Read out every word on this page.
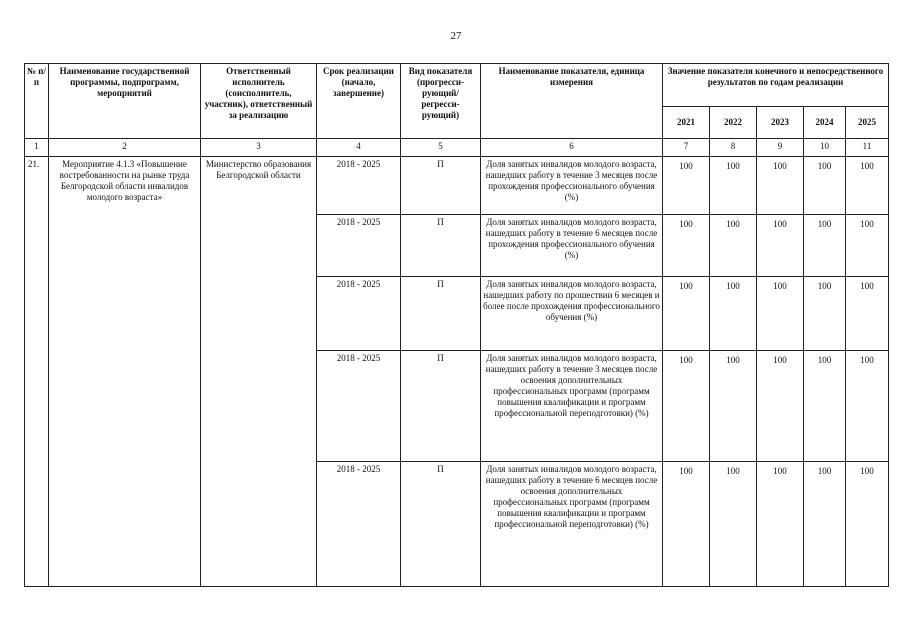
27
№ п/п	Наименование государственной программы, подпрограмм, мероприятий	Ответственный исполнитель (соисполнитель, участник), ответственный за реализацию	Срок реализации (начало, завершение)	Вид показателя (прогресси-рующий/ регресси-рующий)	Наименование показателя, единица измерения	Значение показателя конечного и непосредственного результатов по годам реализации				
						2021	2022	2023	2024	2025
1	2	3	4	5	6	7	8	9	10	11
21.	Мероприятие 4.1.3 «Повышение востребованности на рынке труда Белгородской области инвалидов молодого возраста»	Министерство образования Белгородской области	2018 - 2025	П	Доля занятых инвалидов молодого возраста, нашедших работу в течение 3 месяцев после прохождения профессионального обучения (%)	100	100	100	100	100
			2018 - 2025	П	Доля занятых инвалидов молодого возраста, нашедших работу в течение 6 месяцев после прохождения профессионального обучения (%)	100	100	100	100	100
			2018 - 2025	П	Доля занятых инвалидов молодого возраста, нашедших работу по прошествии 6 месяцев и более после прохождения профессионального обучения (%)	100	100	100	100	100
			2018 - 2025	П	Доля занятых инвалидов молодого возраста, нашедших работу в течение 3 месяцев после освоения дополнительных профессиональных программ (программ повышения квалификации и программ профессиональной переподготовки) (%)	100	100	100	100	100
			2018 - 2025	П	Доля занятых инвалидов молодого возраста, нашедших работу в течение 6 месяцев после освоения дополнительных профессиональных программ (программ повышения квалификации и программ профессиональной переподготовки) (%)	100	100	100	100	100
